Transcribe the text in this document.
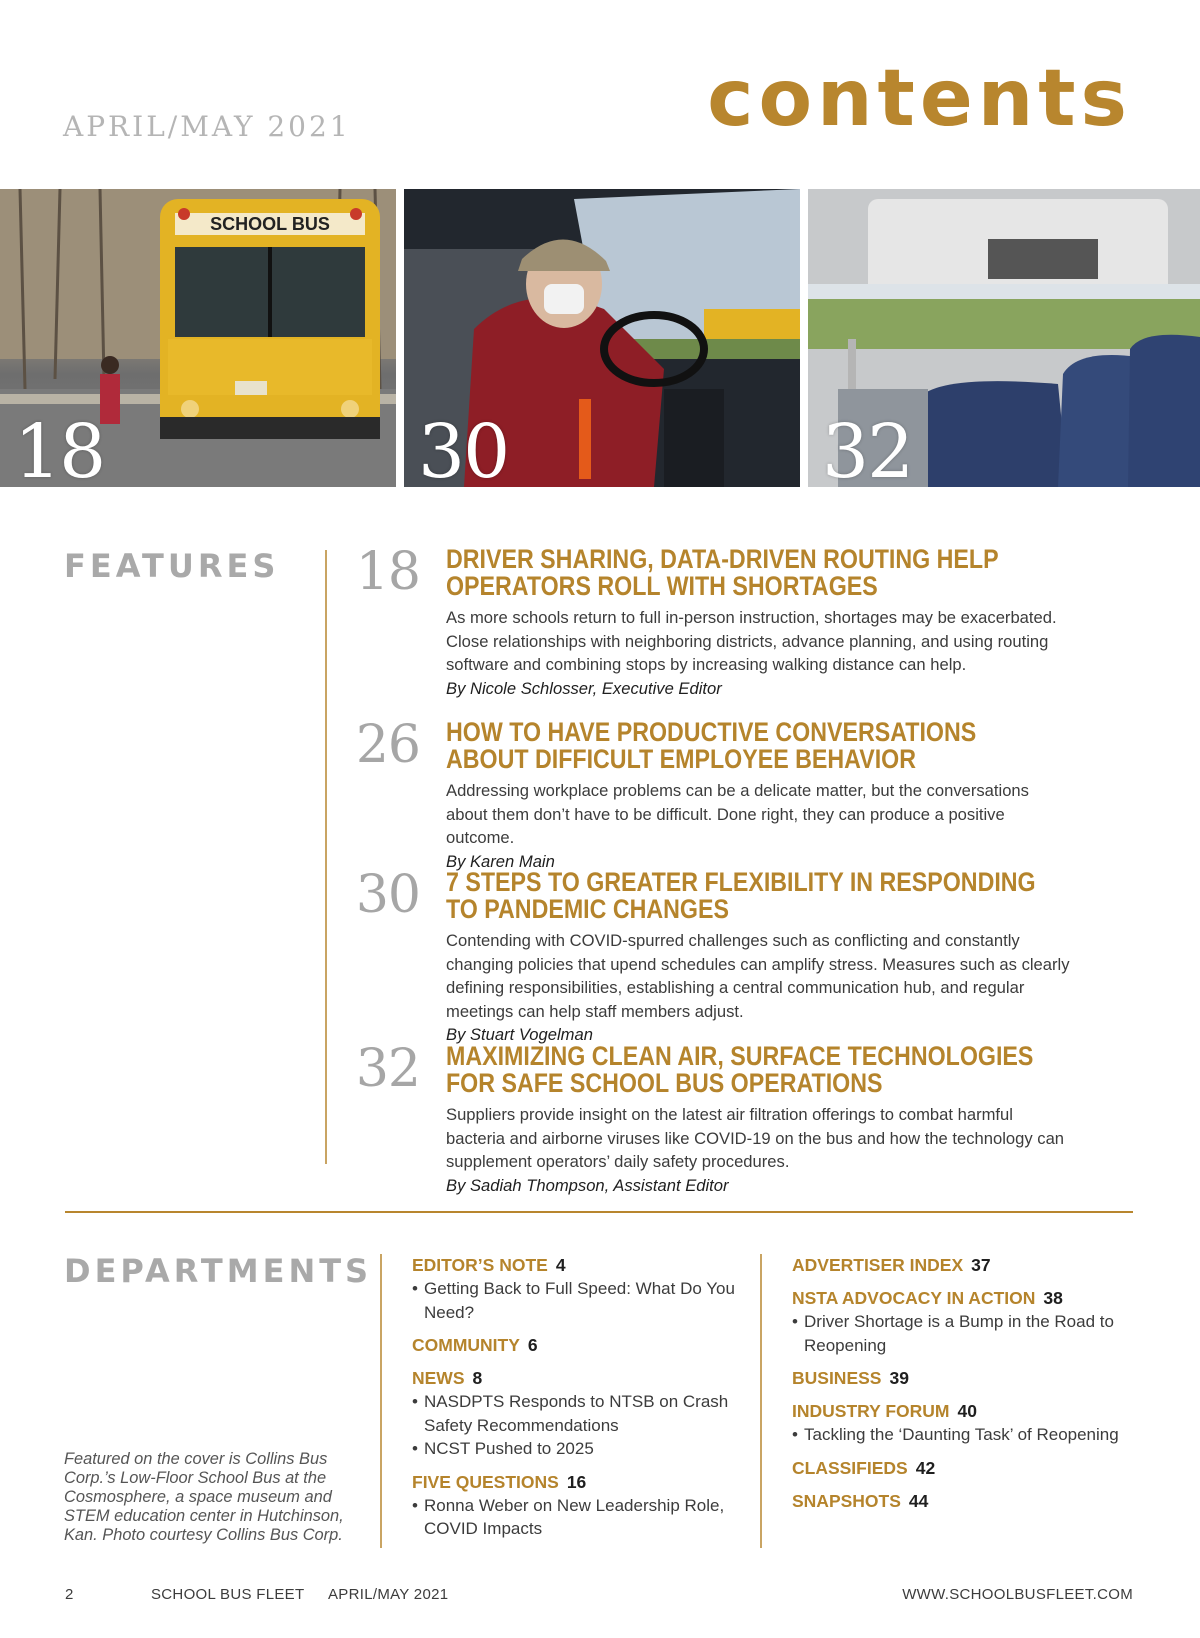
APRIL/MAY 2021	contents
SCHOOL BUS
18	30	32
FEATURES	18 DRIVER SHARING, DATA-DRIVEN ROUTING HELP
OPERATORS ROLL WITH SHORTAGES

As more schools return to full in-person instruction, shortages may be exacerbated.
Close relationships with neighboring districts, advance planning, and using routing
software and combining stops by increasing walking distance can help.
By Nicole Schlosser, Executive Editor

26 HOW TO HAVE PRODUCTIVE CONVERSATIONS
ABOUT DIFFICULT EMPLOYEE BEHAVIOR

Addressing workplace problems can be a delicate matter, but the conversations
about them don’t have to be difficult. Done right, they can produce a positive
outcome.
By Karen Main

30 7 STEPS TO GREATER FLEXIBILITY IN RESPONDING
TO PANDEMIC CHANGES

Contending with COVID-spurred challenges such as conflicting and constantly
changing policies that upend schedules can amplify stress. Measures such as clearly
defining responsibilities, establishing a central communication hub, and regular
meetings can help staff members adjust.
By Stuart Vogelman

32 MAXIMIZING CLEAN AIR, SURFACE TECHNOLOGIES
FOR SAFE SCHOOL BUS OPERATIONS

Suppliers provide insight on the latest air filtration offerings to combat harmful
bacteria and airborne viruses like COVID-19 on the bus and how the technology can
supplement operators’ daily safety procedures.
By Sadiah Thompson, Assistant Editor

DEPARTMENTS
Featured on the cover is Collins Bus Corp.’s Low-Floor School Bus at the Cosmosphere, a space museum and STEM education center in Hutchinson, Kan. Photo courtesy Collins Bus Corp.
EDITOR’S NOTE 4
• Getting Back to Full Speed: What Do You Need?
COMMUNITY 6
NEWS 8
• NASDPTS Responds to NTSB on Crash Safety Recommendations
• NCST Pushed to 2025
FIVE QUESTIONS 16
• Ronna Weber on New Leadership Role, COVID Impacts
ADVERTISER INDEX 37
NSTA ADVOCACY IN ACTION 38
• Driver Shortage is a Bump in the Road to Reopening
BUSINESS 39
INDUSTRY FORUM 40
• Tackling the ‘Daunting Task’ of Reopening
CLASSIFIEDS 42
SNAPSHOTS 44
2	SCHOOL BUS FLEET APRIL/MAY 2021	WWW.SCHOOLBUSFLEET.COM
